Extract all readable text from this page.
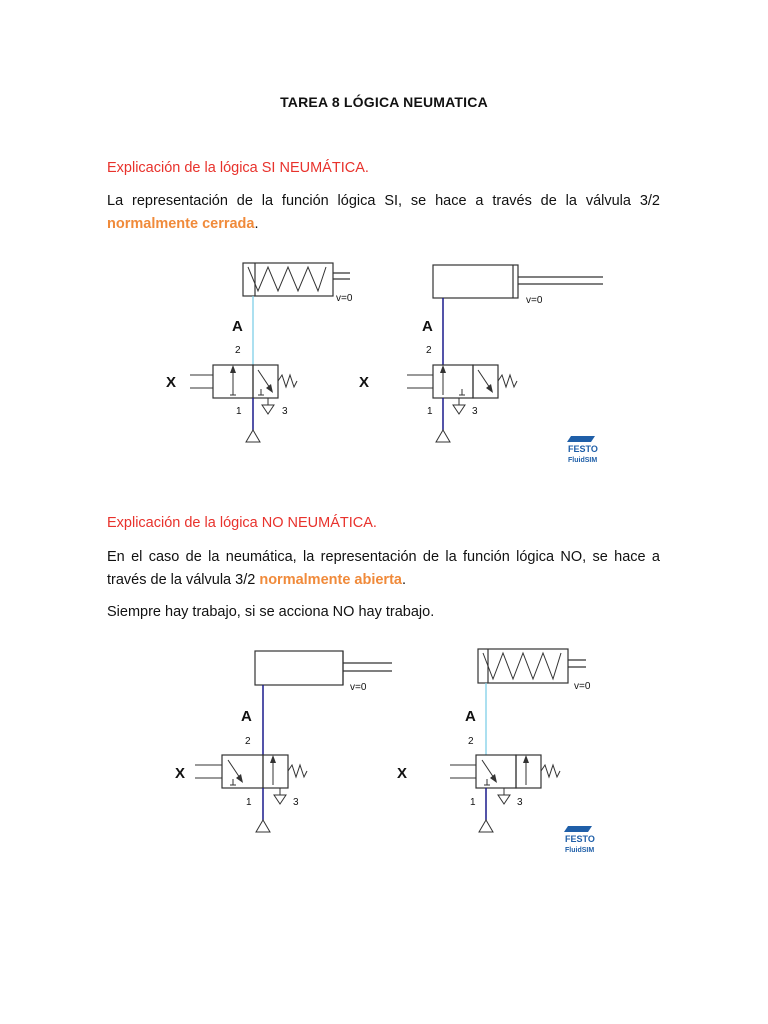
TAREA 8 LÓGICA NEUMATICA
Explicación de la lógica SI NEUMÁTICA.
La representación de la función lógica SI, se hace a través de la válvula 3/2 normalmente cerrada.
Explicación de la lógica NO NEUMÁTICA.
En el caso de la neumática, la representación de la función lógica NO, se hace a través de la válvula 3/2 normalmente abierta.
Siempre hay trabajo, si se acciona NO hay trabajo.
v=0
A
2
X
1	3
v=0
A
2
X
1	3
FESTO
FluidSIM
v=0
A
2
X
1	3
v=0
A
2
X
1	3
FESTO
FluidSIM
